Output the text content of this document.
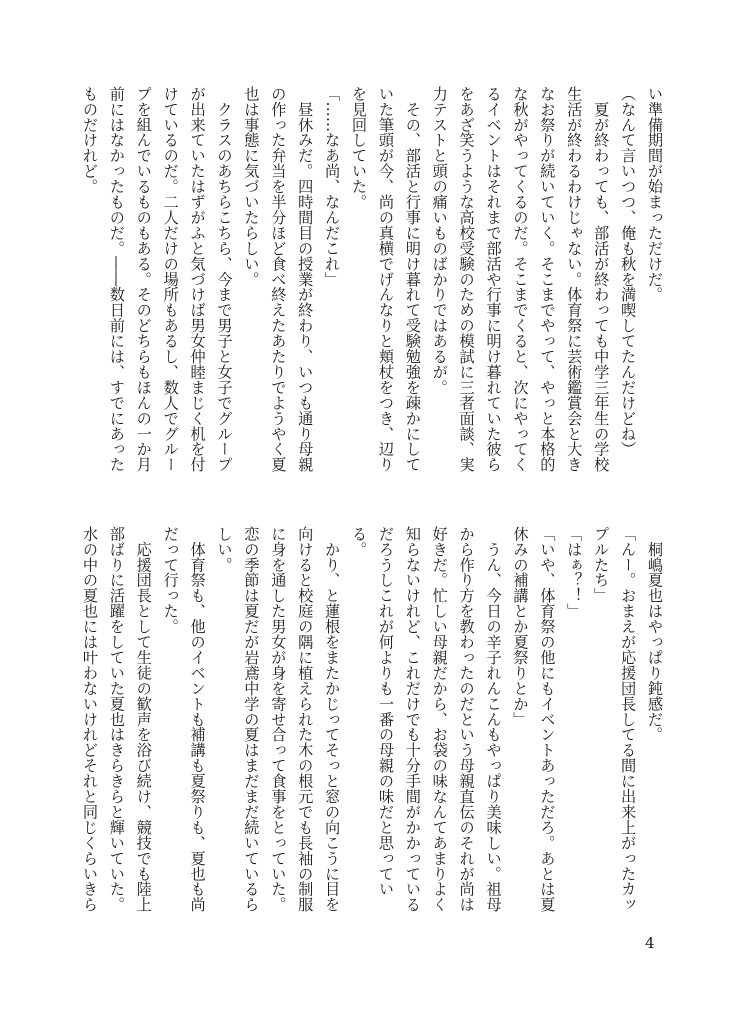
い準備期間が始まっただけだ。
（なんて言いつつ、俺も秋を満喫してたんだけどね）
　夏が終わっても、部活が終わっても中学三年生の学校
生活が終わるわけじゃない。体育祭に芸術鑑賞会と大き
なお祭りが続いていく。そこまでやって、やっと本格的
な秋がやってくるのだ。そこまでくると、次にやってく
るイベントはそれまで部活や行事に明け暮れていた彼ら
をあざ笑うような高校受験のための模試に三者面談、実
力テストと頭の痛いものばかりではあるが。
　その、部活と行事に明け暮れて受験勉強を疎かにして
いた筆頭が今、尚の真横でげんなりと頬杖をつき、辺り
を見回していた。
「……なあ尚、なんだこれ」
　昼休みだ。四時間目の授業が終わり、いつも通り母親
の作った弁当を半分ほど食べ終えたあたりでようやく夏
也は事態に気づいたらしい。
　クラスのあちらこちら、今まで男子と女子でグループ
が出来ていたはずがふと気づけば男女仲睦まじく机を付
けているのだ。二人だけの場所もあるし、数人でグルー
プを組んでいるものもある。そのどちらもほんの一か月
前にはなかったものだ。――数日前には、すでにあった
ものだけれど。
　桐嶋夏也はやっぱり鈍感だ。
「んー。おまえが応援団長してる間に出来上がったカッ
プルたち」
「はぁ？！」
「いや、体育祭の他にもイベントあっただろ。あとは夏
休みの補講とか夏祭りとか」
　うん、今日の辛子れんこんもやっぱり美味しい。祖母
から作り方を教わったのだという母親直伝のそれが尚は
好きだ。忙しい母親だから、お袋の味なんてあまりよく
知らないけれど、これだけでも十分手間がかかっている
だろうしこれが何よりも一番の母親の味だと思ってい
る。
　かり、と蓮根をまたかじってそっと窓の向こうに目を
向けると校庭の隅に植えられた木の根元でも長袖の制服
に身を通した男女が身を寄せ合って食事をとっていた。
恋の季節は夏だが岩鳶中学の夏はまだまだ続いているら
しい。
　体育祭も、他のイベントも補講も夏祭りも、夏也も尚
だって行った。
　応援団長として生徒の歓声を浴び続け、競技でも陸上
部ばりに活躍をしていた夏也はきらきらと輝いていた。
水の中の夏也には叶わないけれどそれと同じくらいきら
4
